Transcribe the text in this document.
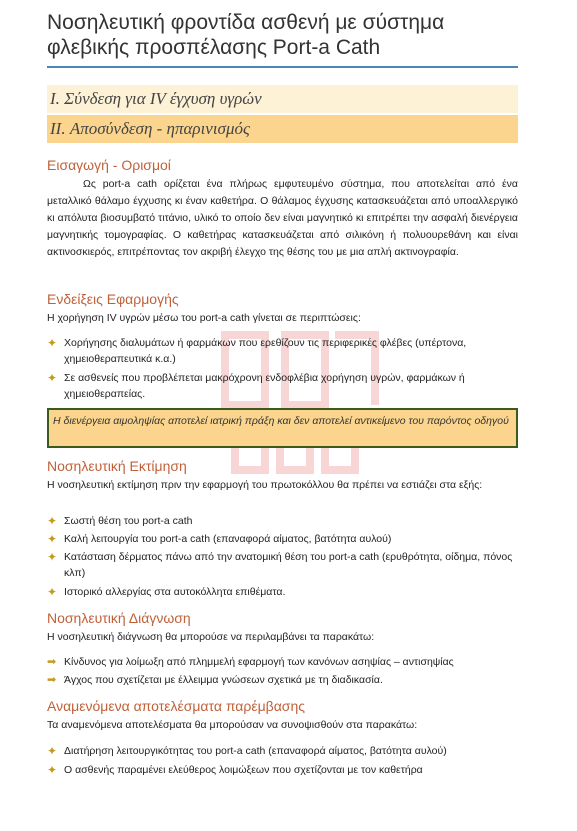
Νοσηλευτική φροντίδα ασθενή με σύστημα φλεβικής προσπέλασης Port-a Cath
I. Σύνδεση για IV έγχυση υγρών
II. Αποσύνδεση - ηπαρινισμός
Εισαγωγή - Ορισμοί

Ως port-a cath ορίζεται ένα πλήρως εμφυτευμένο σύστημα, που αποτελείται από ένα μεταλλικό θάλαμο έγχυσης κι έναν καθετήρα. Ο θάλαμος έγχυσης κατασκευάζεται από υποαλλεργικό κι απόλυτα βιοσυμβατό τιτάνιο, υλικό το οποίο δεν είναι μαγνητικό κι επιτρέπει την ασφαλή διενέργεια μαγνητικής τομογραφίας. Ο καθετήρας κατασκευάζεται από σιλικόνη ή πολυουρεθάνη και είναι ακτινοσκιερός, επιτρέποντας τον ακριβή έλεγχο της θέσης του με μια απλή ακτινογραφία.

Ενδείξεις Εφαρμογής

Η χορήγηση IV υγρών μέσω του port-a cath γίνεται σε περιπτώσεις:

✦ Χορήγησης διαλυμάτων ή φαρμάκων που ερεθίζουν τις περιφερικές φλέβες (υπέρτονα, χημειοθεραπευτικά κ.α.)
✦ Σε ασθενείς που προβλέπεται μακρόχρονη ενδοφλέβια χορήγηση υγρών, φαρμάκων ή χημειοθεραπείας.
Η διενέργεια αιμοληψίας αποτελεί ιατρική πράξη και δεν αποτελεί αντικείμενο του παρόντος οδηγού
Νοσηλευτική Εκτίμηση

Η νοσηλευτική εκτίμηση πριν την εφαρμογή του πρωτοκόλλου θα πρέπει να εστιάζει στα εξής:

✦ Σωστή θέση του port-a cath
✦ Καλή λειτουργία του port-a cath (επαναφορά αίματος, βατότητα αυλού)
✦ Κατάσταση δέρματος πάνω από την ανατομική θέση του port-a cath (ερυθρότητα, οίδημα, πόνος κλπ)
✦ Ιστορικό αλλεργίας στα αυτοκόλλητα επιθέματα.
Νοσηλευτική Διάγνωση

Η νοσηλευτική διάγνωση θα μπορούσε να περιλαμβάνει τα παρακάτω:

➡ Κίνδυνος για λοίμωξη από πλημμελή εφαρμογή των κανόνων ασηψίας – αντισηψίας
➡ Άγχος που σχετίζεται με έλλειμμα γνώσεων σχετικά με τη διαδικασία.
Αναμενόμενα αποτελέσματα παρέμβασης

Τα αναμενόμενα αποτελέσματα θα μπορούσαν να συνοψισθούν στα παρακάτω:

✦ Διατήρηση λειτουργικότητας του port-a cath (επαναφορά αίματος, βατότητα αυλού)
✦ Ο ασθενής παραμένει ελεύθερος λοιμώξεων που σχετίζονται με τον καθετήρα
